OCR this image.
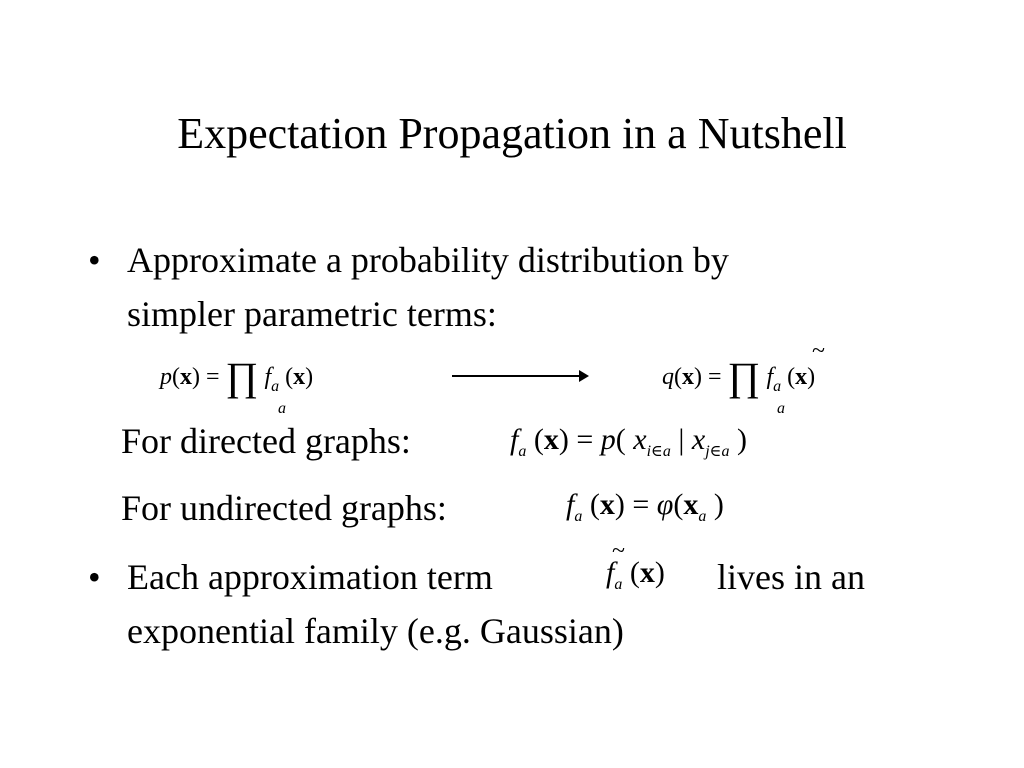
Expectation Propagation in a Nutshell
• Approximate a probability distribution by
simpler parametric terms:
p(x) = ∏ $f_a$ (x)
a
q(x) = ∏ $f_a$ (x)
~
a
For directed graphs:	$f_a$ (x) = p( $x_{i\in a}$ | $x_{j\in a}$ )
For undirected graphs:	$f_a$ $(x) = \varphi(x_a$ )
• Each approximation term	lives in an
exponential family (e.g. Gaussian)
$f_a$ (x)
~
